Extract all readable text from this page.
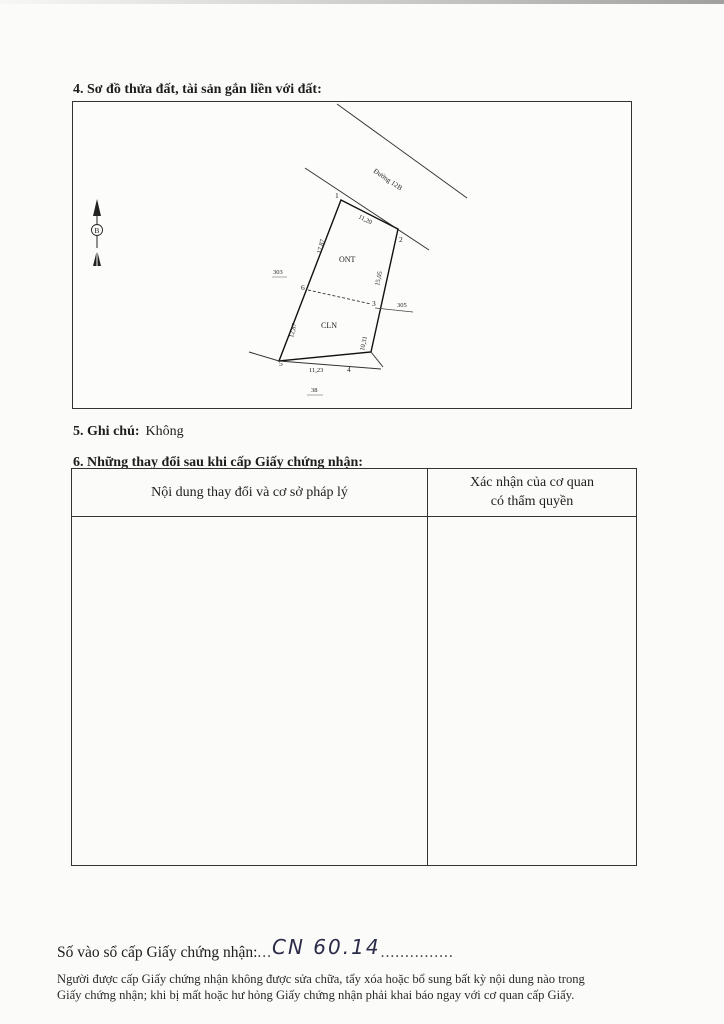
4. Sơ đồ thửa đất, tài sản gắn liền với đất:
Đường 12B
B
ONT
CLN
1
2
3
4
5
6
11,20
15,05
10,31
11,23
12,87
17,87
303
305
38
5. Ghi chú: Không
6. Những thay đổi sau khi cấp Giấy chứng nhận:
Nội dung thay đổi và cơ sở pháp lý
Xác nhận của cơ quan
có thẩm quyền
Số vào sổ cấp Giấy chứng nhận:...CN 60.14...............
Người được cấp Giấy chứng nhận không được sửa chữa, tẩy xóa hoặc bổ sung bất kỳ nội dung nào trong
Giấy chứng nhận; khi bị mất hoặc hư hỏng Giấy chứng nhận phải khai báo ngay với cơ quan cấp Giấy.
